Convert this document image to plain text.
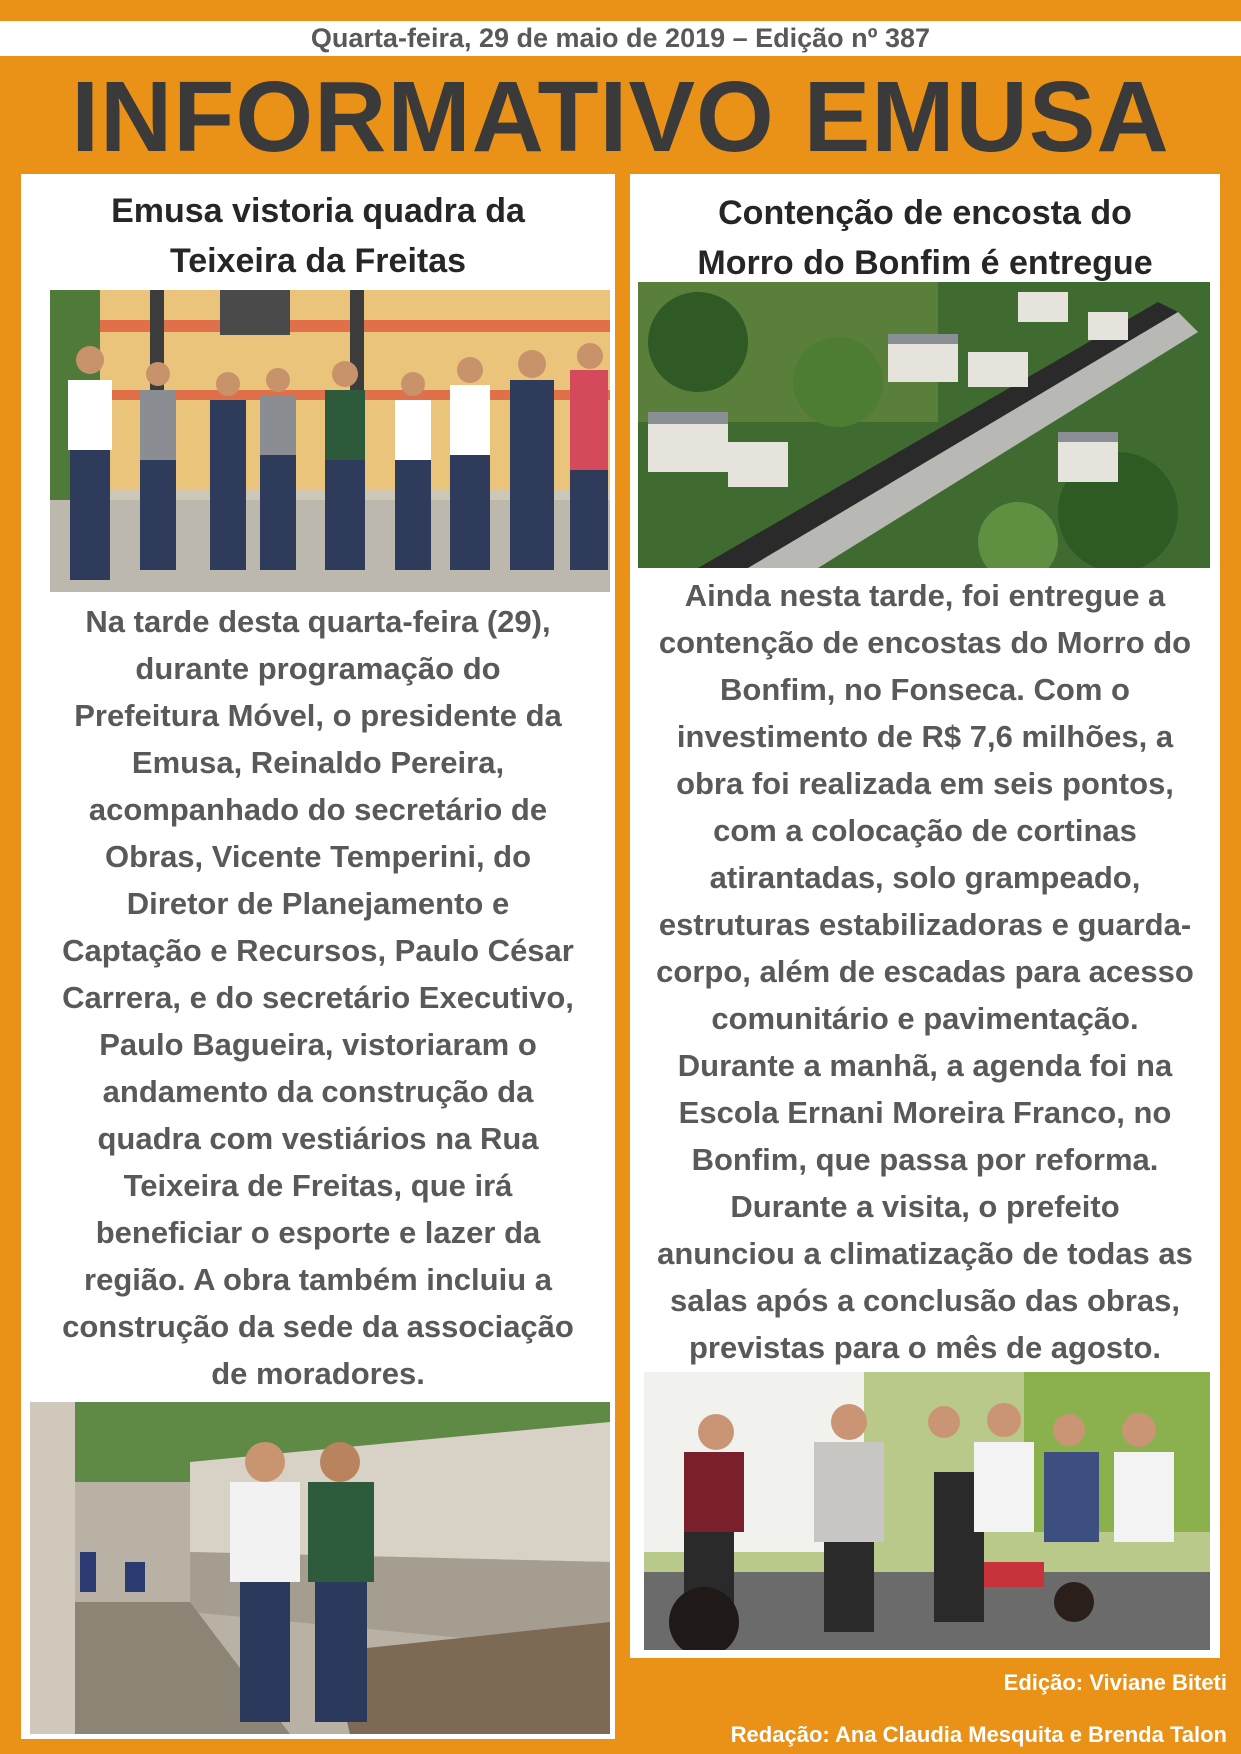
Quarta-feira, 29 de maio de 2019 – Edição nº 387
INFORMATIVO EMUSA
Emusa vistoria quadra da
Teixeira da Freitas
Na tarde desta quarta-feira (29),
durante programação do
Prefeitura Móvel, o presidente da
Emusa, Reinaldo Pereira,
acompanhado do secretário de
Obras, Vicente Temperini, do
Diretor de Planejamento e
Captação e Recursos, Paulo César
Carrera, e do secretário Executivo,
Paulo Bagueira, vistoriaram o
andamento da construção da
quadra com vestiários na Rua
Teixeira de Freitas, que irá
beneficiar o esporte e lazer da
região. A obra também incluiu a
construção da sede da associação
de moradores.
Contenção de encosta do
Morro do Bonfim é entregue
Ainda nesta tarde, foi entregue a
contenção de encostas do Morro do
Bonfim, no Fonseca. Com o
investimento de R$ 7,6 milhões, a
obra foi realizada em seis pontos,
com a colocação de cortinas
atirantadas, solo grampeado,
estruturas estabilizadoras e guarda-
corpo, além de escadas para acesso
comunitário e pavimentação.
Durante a manhã, a agenda foi na
Escola Ernani Moreira Franco, no
Bonfim, que passa por reforma.
Durante a visita, o prefeito
anunciou a climatização de todas as
salas após a conclusão das obras,
previstas para o mês de agosto.
Edição: Viviane Biteti
Redação: Ana Claudia Mesquita e Brenda Talon
